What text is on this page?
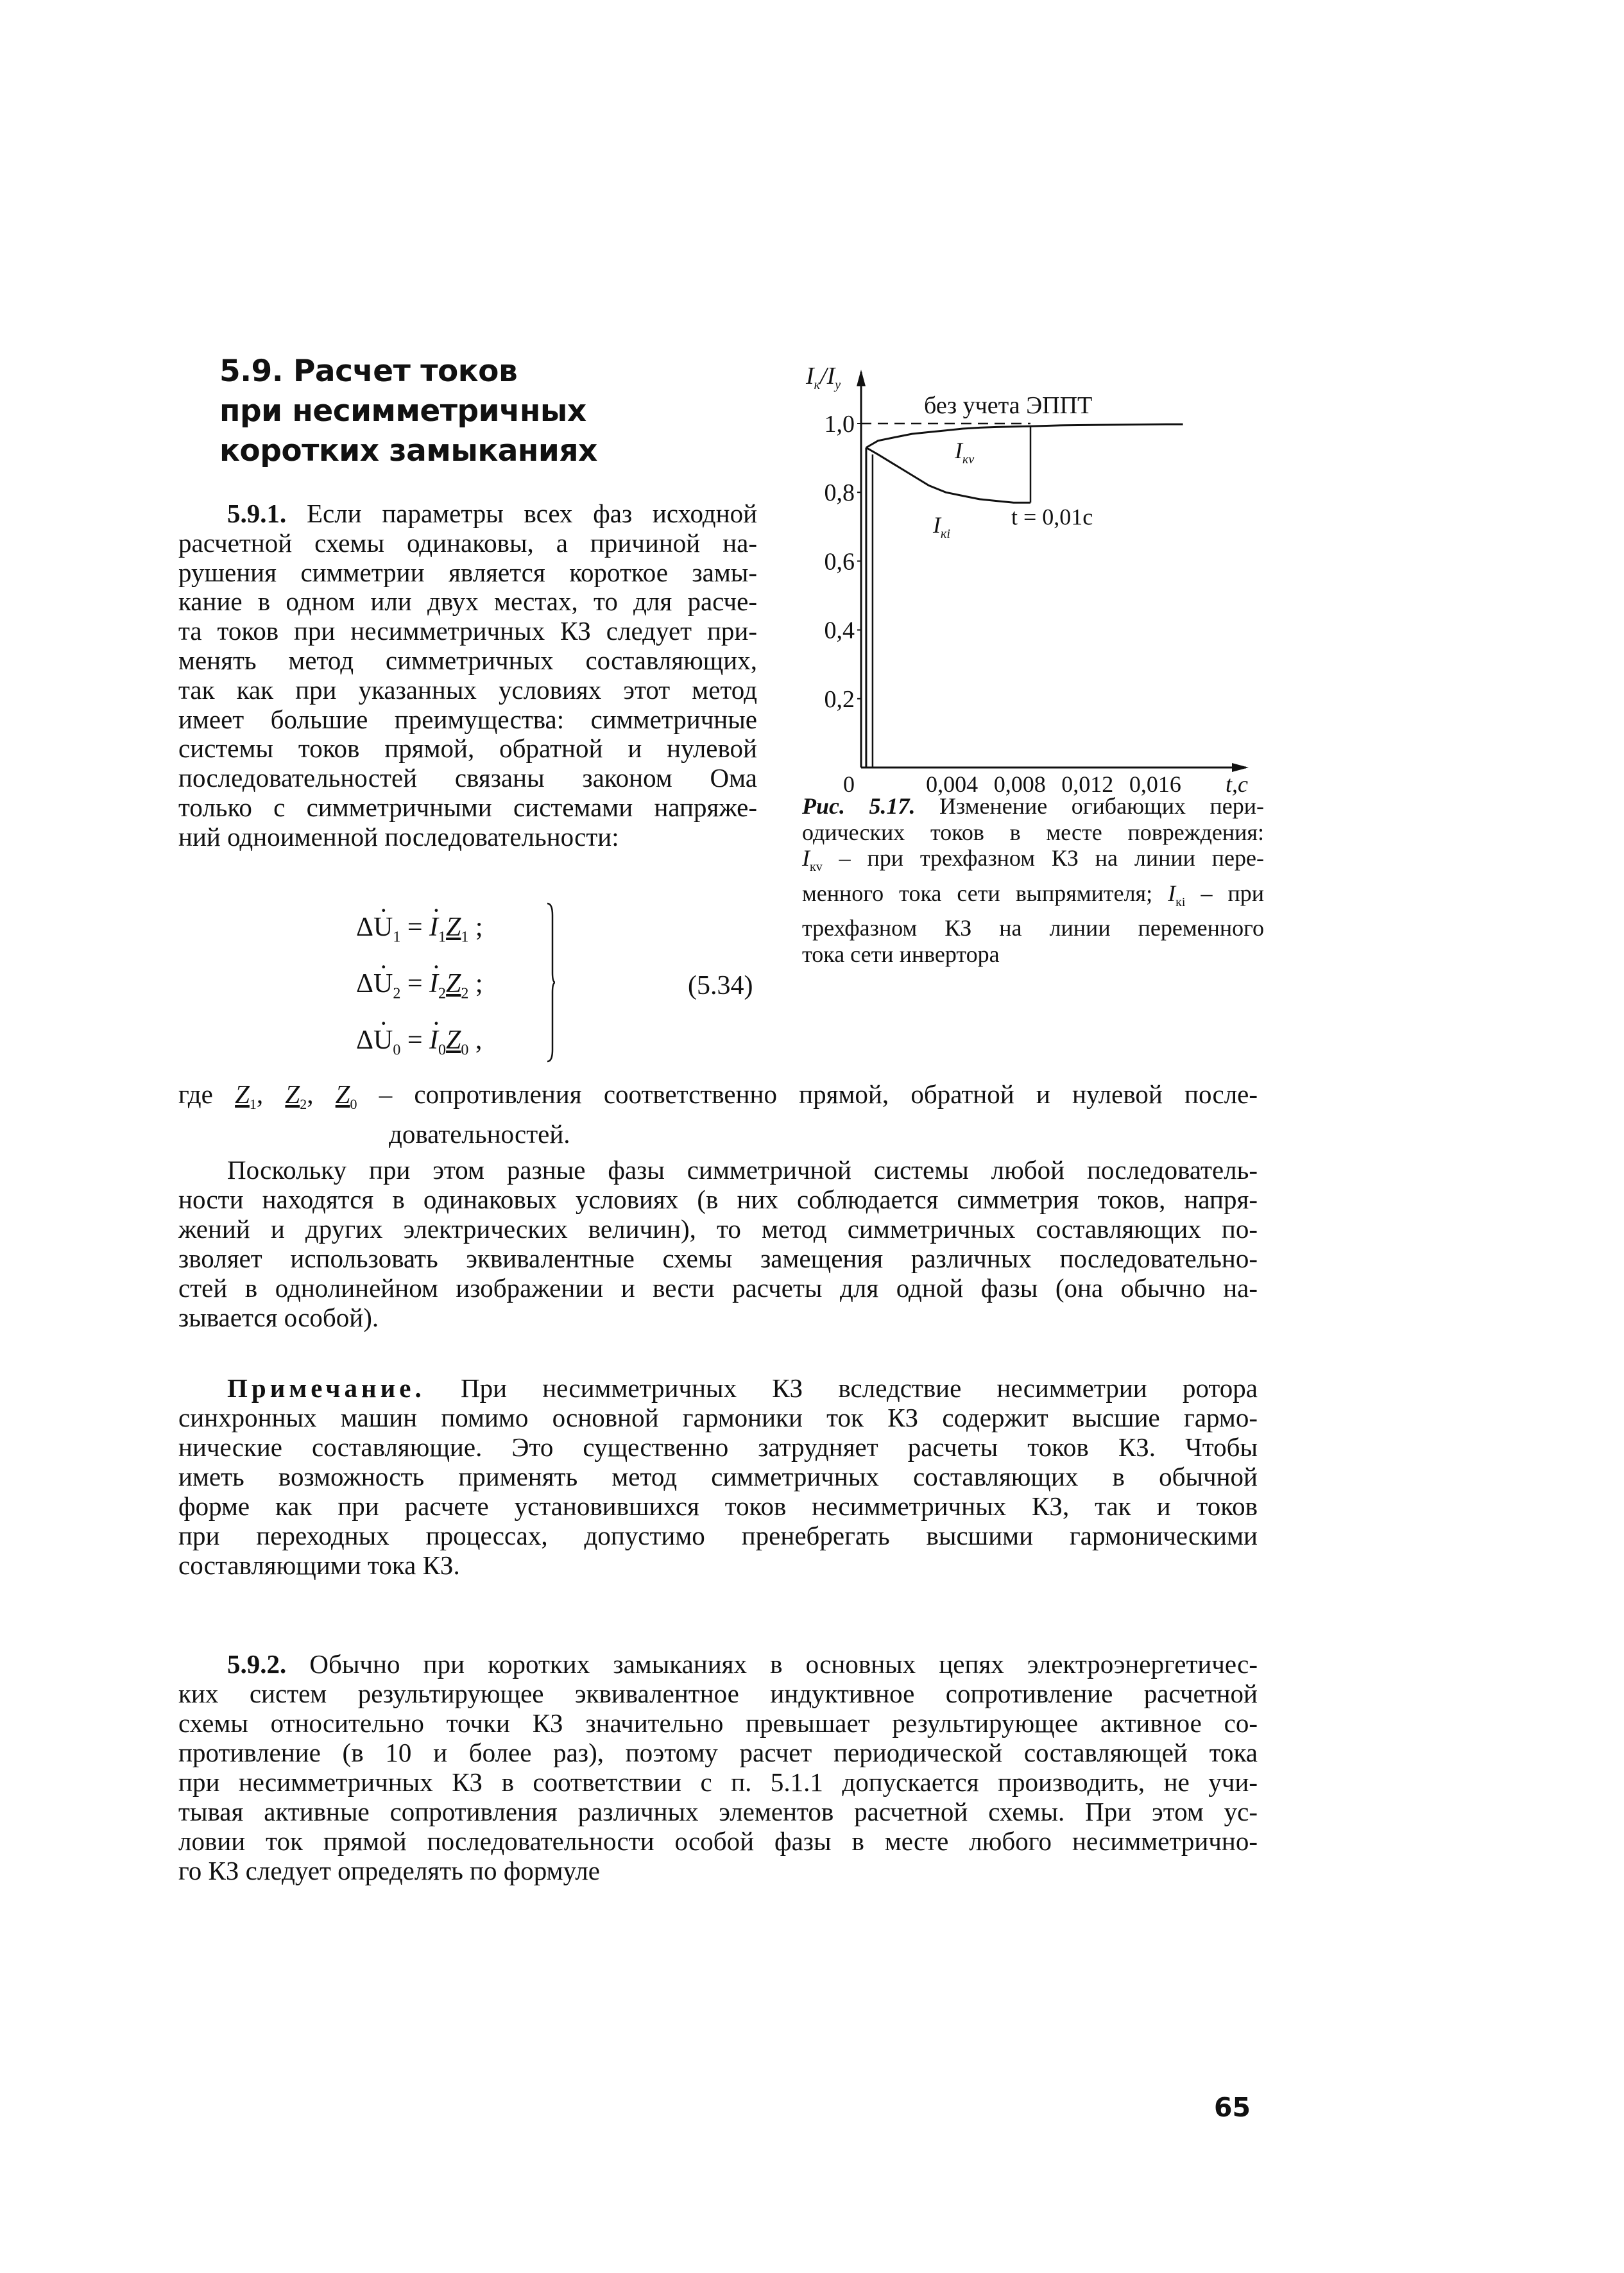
5.9. Расчет токов
при несимметричных
коротких замыканиях
5.9.1. Если параметры всех фаз исходной
расчетной схемы одинаковы, а причиной на-
рушения симметрии является короткое замы-
кание в одном или двух местах, то для расче-
та токов при несимметричных КЗ следует при-
менять метод симметричных составляющих,
так как при указанных условиях этот метод
имеет большие преимущества: симметричные
системы токов прямой, обратной и нулевой
последовательностей связаны законом Ома
только с симметричными системами напряже-
ний одноименной последовательности:
$\Delta\cdot U_1$ = · $I_1Z_1$ ;
$\Delta\cdot U_2$ = · $I_2Z_2$ ;
$\Delta\cdot U_0$ = · $I_0Z_0$ ,
(5.34)
$I_к/I_у$
0,2
0,4
0,6
0,8
1,0
0	0,004 0,008 0,012 0,016 t,c
без учета ЭППТ
t = 0,01c
$I_{кv}$
$I_{кi}$
Рис. 5.17. Изменение огибающих пери-
одических токов в месте повреждения:
$I_{кv}$ – при трехфазном КЗ на линии пере-
менного тока сети выпрямителя; $I_{кi}$ – при
трехфазном КЗ на линии переменного
тока сети инвертора
где $Z_1$, $Z_2$, $Z_0$ – сопротивления соответственно прямой, обратной и нулевой после-
довательностей.
Поскольку при этом разные фазы симметричной системы любой последователь-
ности находятся в одинаковых условиях (в них соблюдается симметрия токов, напря-
жений и других электрических величин), то метод симметричных составляющих по-
зволяет использовать эквивалентные схемы замещения различных последовательно-
стей в однолинейном изображении и вести расчеты для одной фазы (она обычно на-
зывается особой).
Примечание. При несимметричных КЗ вследствие несимметрии ротора
синхронных машин помимо основной гармоники ток КЗ содержит высшие гармо-
нические составляющие. Это существенно затрудняет расчеты токов КЗ. Чтобы
иметь возможность применять метод симметричных составляющих в обычной
форме как при расчете установившихся токов несимметричных КЗ, так и токов
при переходных процессах, допустимо пренебрегать высшими гармоническими
составляющими тока КЗ.
5.9.2. Обычно при коротких замыканиях в основных цепях электроэнергетичес-
ких систем результирующее эквивалентное индуктивное сопротивление расчетной
схемы относительно точки КЗ значительно превышает результирующее активное со-
противление (в 10 и более раз), поэтому расчет периодической составляющей тока
при несимметричных КЗ в соответствии с п. 5.1.1 допускается производить, не учи-
тывая активные сопротивления различных элементов расчетной схемы. При этом ус-
ловии ток прямой последовательности особой фазы в месте любого несимметрично-
го КЗ следует определять по формуле
65
